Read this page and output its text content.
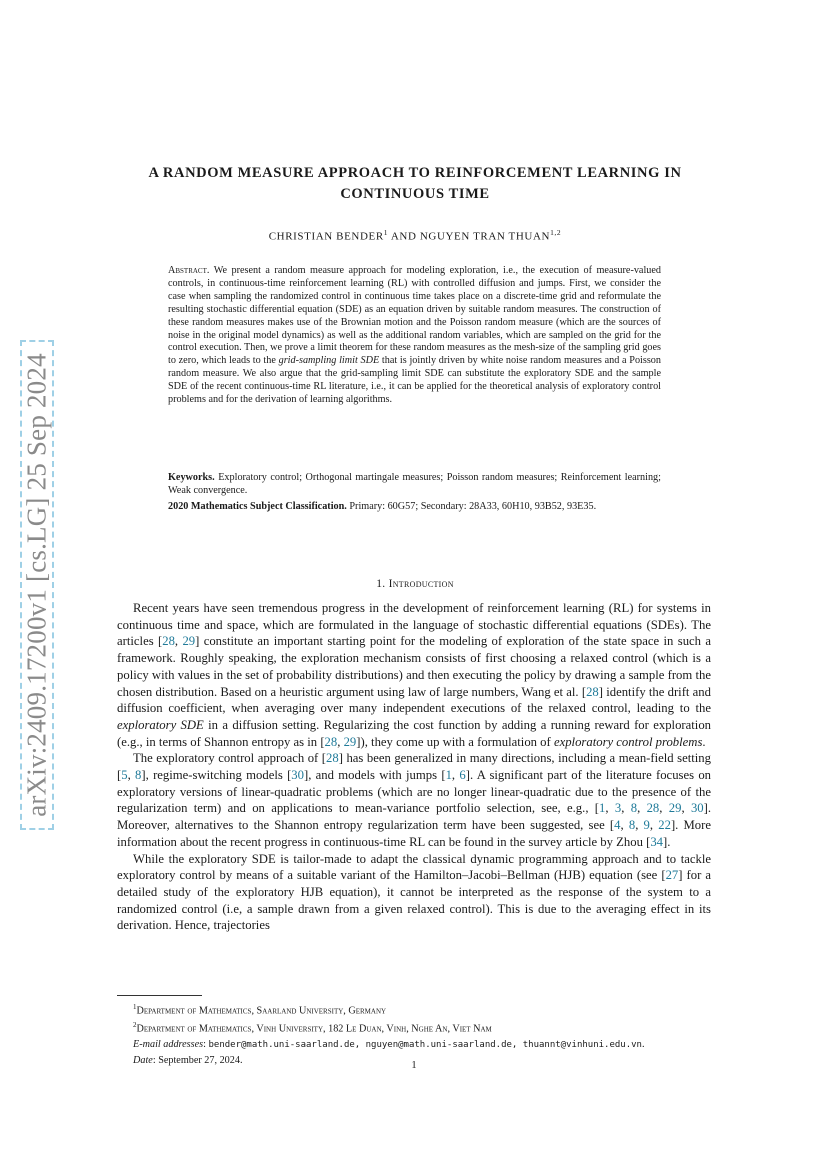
arXiv:2409.17200v1 [cs.LG] 25 Sep 2024
A RANDOM MEASURE APPROACH TO REINFORCEMENT LEARNING IN
CONTINUOUS TIME
CHRISTIAN BENDER$^1$ AND NGUYEN TRAN THUAN$^{1,2}$

Abstract. We present a random measure approach for modeling exploration, i.e., the execution of measure-valued controls, in continuous-time reinforcement learning (RL) with controlled diffusion and jumps. First, we consider the case when sampling the randomized control in continuous time takes place on a discrete-time grid and reformulate the resulting stochastic differential equation (SDE) as an equation driven by suitable random measures. The construction of these random measures makes use of the Brownian motion and the Poisson random measure (which are the sources of noise in the original model dynamics) as well as the additional random variables, which are sampled on the grid for the control execution. Then, we prove a limit theorem for these random measures as the mesh-size of the sampling grid goes to zero, which leads to the grid-sampling limit SDE that is jointly driven by white noise random measures and a Poisson random measure. We also argue that the grid-sampling limit SDE can substitute the exploratory SDE and the sample SDE of the recent continuous-time RL literature, i.e., it can be applied for the theoretical analysis of exploratory control problems and for the derivation of learning algorithms.

Keyworks. Exploratory control; Orthogonal martingale measures; Poisson random measures; Reinforcement learning; Weak convergence.
2020 Mathematics Subject Classification. Primary: 60G57; Secondary: 28A33, 60H10, 93B52, 93E35.
1. Introduction

Recent years have seen tremendous progress in the development of reinforcement learning (RL) for systems in continuous time and space, which are formulated in the language of stochastic differential equations (SDEs). The articles [28, 29] constitute an important starting point for the modeling of exploration of the state space in such a framework. Roughly speaking, the exploration mechanism consists of first choosing a relaxed control (which is a policy with values in the set of probability distributions) and then executing the policy by drawing a sample from the chosen distribution. Based on a heuristic argument using law of large numbers, Wang et al. [28] identify the drift and diffusion coefficient, when averaging over many independent executions of the relaxed control, leading to the exploratory SDE in a diffusion setting. Regularizing the cost function by adding a running reward for exploration (e.g., in terms of Shannon entropy as in [28, 29]), they come up with a formulation of exploratory control problems.

The exploratory control approach of [28] has been generalized in many directions, including a mean-field setting [5, 8], regime-switching models [30], and models with jumps [1, 6]. A significant part of the literature focuses on exploratory versions of linear-quadratic problems (which are no longer linear-quadratic due to the presence of the regularization term) and on applications to mean-variance portfolio selection, see, e.g., [1, 3, 8, 28, 29, 30]. Moreover, alternatives to the Shannon entropy regularization term have been suggested, see [4, 8, 9, 22]. More information about the recent progress in continuous-time RL can be found in the survey article by Zhou [34].

While the exploratory SDE is tailor-made to adapt the classical dynamic programming approach and to tackle exploratory control by means of a suitable variant of the Hamilton–Jacobi–Bellman (HJB) equation (see [27] for a detailed study of the exploratory HJB equation), it cannot be interpreted as the response of the system to a randomized control (i.e, a sample drawn from a given relaxed control). This is due to the averaging effect in its derivation. Hence, trajectories

$^1$Department of Mathematics, Saarland University, Germany
$^2$Department of Mathematics, Vinh University, 182 Le Duan, Vinh, Nghe An, Viet Nam
E-mail addresses: bender@math.uni-saarland.de, nguyen@math.uni-saarland.de, thuannt@vinhuni.edu.vn.
Date: September 27, 2024.	1
